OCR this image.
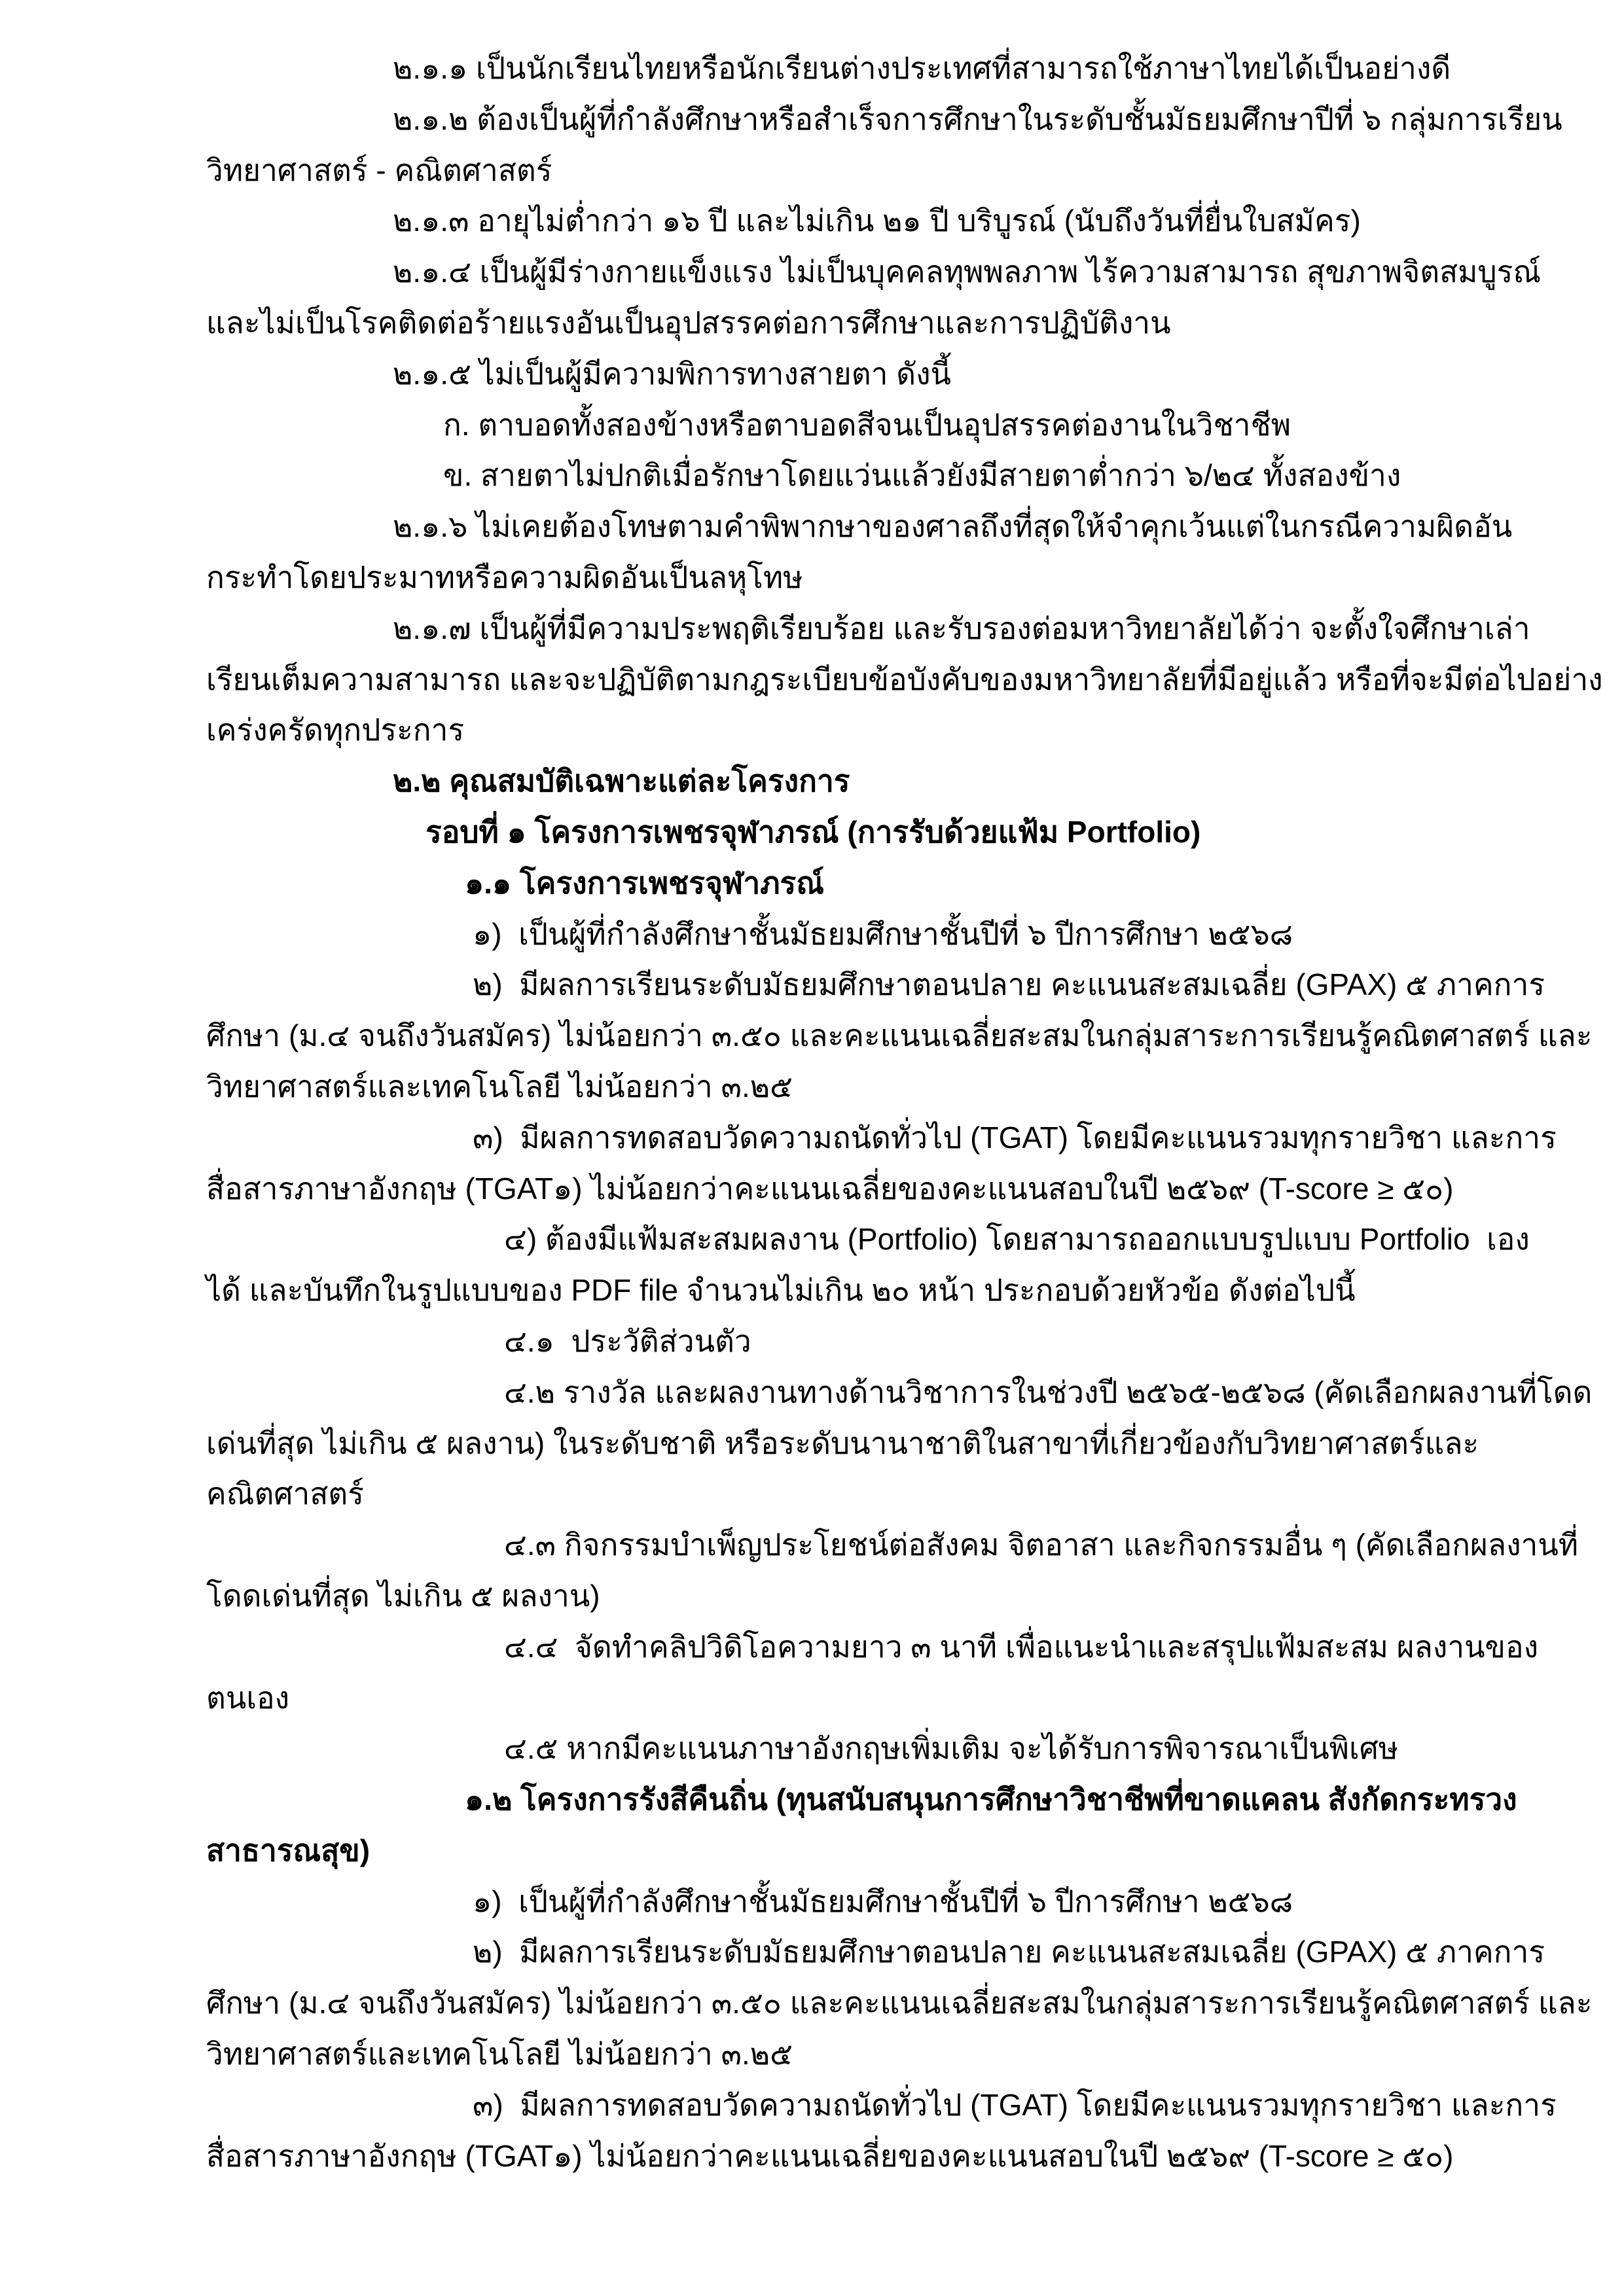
๒.๑.๑ เป็นนักเรียนไทยหรือนักเรียนต่างประเทศที่สามารถใช้ภาษาไทยได้เป็นอย่างดี
๒.๑.๒ ต้องเป็นผู้ที่กำลังศึกษาหรือสำเร็จการศึกษาในระดับชั้นมัธยมศึกษาปีที่ ๖ กลุ่มการเรียน
วิทยาศาสตร์ - คณิตศาสตร์
๒.๑.๓ อายุไม่ต่ำกว่า ๑๖ ปี และไม่เกิน ๒๑ ปี บริบูรณ์ (นับถึงวันที่ยื่นใบสมัคร)
๒.๑.๔ เป็นผู้มีร่างกายแข็งแรง ไม่เป็นบุคคลทุพพลภาพ ไร้ความสามารถ สุขภาพจิตสมบูรณ์
และไม่เป็นโรคติดต่อร้ายแรงอันเป็นอุปสรรคต่อการศึกษาและการปฏิบัติงาน
๒.๑.๕ ไม่เป็นผู้มีความพิการทางสายตา ดังนี้
ก. ตาบอดทั้งสองข้างหรือตาบอดสีจนเป็นอุปสรรคต่องานในวิชาชีพ
ข. สายตาไม่ปกติเมื่อรักษาโดยแว่นแล้วยังมีสายตาต่ำกว่า ๖/๒๔ ทั้งสองข้าง
๒.๑.๖ ไม่เคยต้องโทษตามคำพิพากษาของศาลถึงที่สุดให้จำคุกเว้นแต่ในกรณีความผิดอัน
กระทำโดยประมาทหรือความผิดอันเป็นลหุโทษ
๒.๑.๗ เป็นผู้ที่มีความประพฤติเรียบร้อย และรับรองต่อมหาวิทยาลัยได้ว่า จะตั้งใจศึกษาเล่า
เรียนเต็มความสามารถ และจะปฏิบัติตามกฎระเบียบข้อบังคับของมหาวิทยาลัยที่มีอยู่แล้ว หรือที่จะมีต่อไปอย่าง
เคร่งครัดทุกประการ
๒.๒ คุณสมบัติเฉพาะแต่ละโครงการ
รอบที่ ๑ โครงการเพชรจุฬาภรณ์ (การรับด้วยแฟ้ม Portfolio)
๑.๑ โครงการเพชรจุฬาภรณ์
๑)  เป็นผู้ที่กำลังศึกษาชั้นมัธยมศึกษาชั้นปีที่ ๖ ปีการศึกษา ๒๕๖๘
๒)  มีผลการเรียนระดับมัธยมศึกษาตอนปลาย คะแนนสะสมเฉลี่ย (GPAX) ๕ ภาคการ
ศึกษา (ม.๔ จนถึงวันสมัคร) ไม่น้อยกว่า ๓.๕๐ และคะแนนเฉลี่ยสะสมในกลุ่มสาระการเรียนรู้คณิตศาสตร์ และ
วิทยาศาสตร์และเทคโนโลยี ไม่น้อยกว่า ๓.๒๕
๓)  มีผลการทดสอบวัดความถนัดทั่วไป (TGAT) โดยมีคะแนนรวมทุกรายวิชา และการ
สื่อสารภาษาอังกฤษ (TGAT๑) ไม่น้อยกว่าคะแนนเฉลี่ยของคะแนนสอบในปี ๒๕๖๙ (T-score ≥ ๕๐)
๔) ต้องมีแฟ้มสะสมผลงาน (Portfolio) โดยสามารถออกแบบรูปแบบ Portfolio  เอง
ได้ และบันทึกในรูปแบบของ PDF file จำนวนไม่เกิน ๒๐ หน้า ประกอบด้วยหัวข้อ ดังต่อไปนี้
๔.๑  ประวัติส่วนตัว
๔.๒ รางวัล และผลงานทางด้านวิชาการในช่วงปี ๒๕๖๕-๒๕๖๘ (คัดเลือกผลงานที่โดด
เด่นที่สุด ไม่เกิน ๕ ผลงาน) ในระดับชาติ หรือระดับนานาชาติในสาขาที่เกี่ยวข้องกับวิทยาศาสตร์และ
คณิตศาสตร์
๔.๓ กิจกรรมบำเพ็ญประโยชน์ต่อสังคม จิตอาสา และกิจกรรมอื่น ๆ (คัดเลือกผลงานที่
โดดเด่นที่สุด ไม่เกิน ๕ ผลงาน)
๔.๔  จัดทำคลิปวิดิโอความยาว ๓ นาที เพื่อแนะนำและสรุปแฟ้มสะสม ผลงานของ
ตนเอง
๔.๕ หากมีคะแนนภาษาอังกฤษเพิ่มเติม จะได้รับการพิจารณาเป็นพิเศษ
๑.๒ โครงการรังสีคืนถิ่น (ทุนสนับสนุนการศึกษาวิชาชีพที่ขาดแคลน สังกัดกระทรวง
สาธารณสุข)
๑)  เป็นผู้ที่กำลังศึกษาชั้นมัธยมศึกษาชั้นปีที่ ๖ ปีการศึกษา ๒๕๖๘
๒)  มีผลการเรียนระดับมัธยมศึกษาตอนปลาย คะแนนสะสมเฉลี่ย (GPAX) ๕ ภาคการ
ศึกษา (ม.๔ จนถึงวันสมัคร) ไม่น้อยกว่า ๓.๕๐ และคะแนนเฉลี่ยสะสมในกลุ่มสาระการเรียนรู้คณิตศาสตร์ และ
วิทยาศาสตร์และเทคโนโลยี ไม่น้อยกว่า ๓.๒๕
๓)  มีผลการทดสอบวัดความถนัดทั่วไป (TGAT) โดยมีคะแนนรวมทุกรายวิชา และการ
สื่อสารภาษาอังกฤษ (TGAT๑) ไม่น้อยกว่าคะแนนเฉลี่ยของคะแนนสอบในปี ๒๕๖๙ (T-score ≥ ๕๐)
